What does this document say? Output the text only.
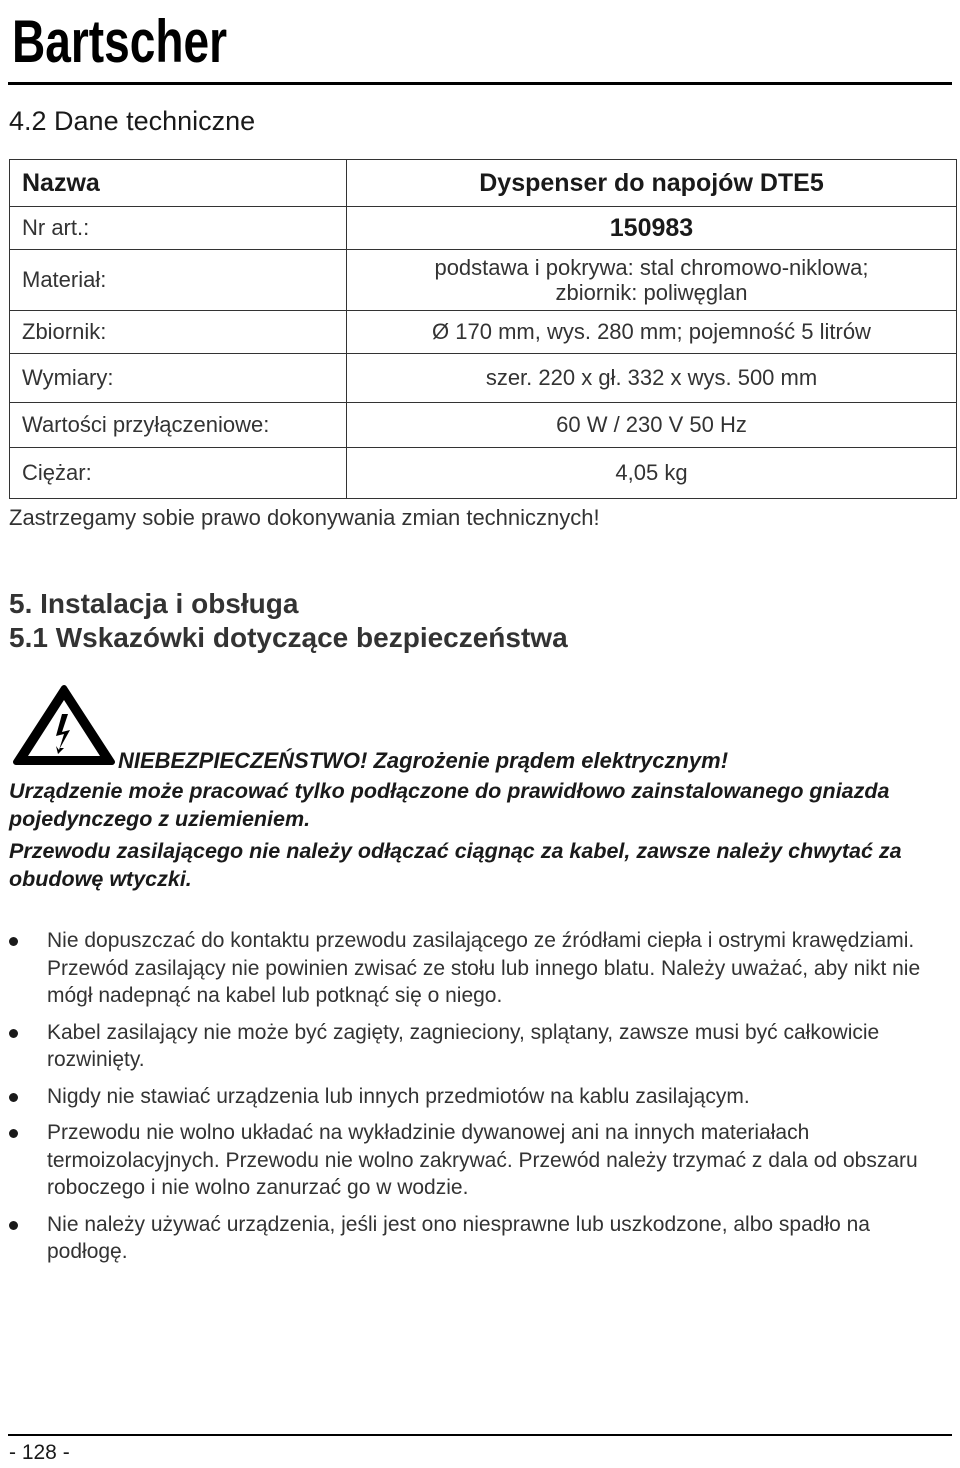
Bartscher
4.2 Dane techniczne
Nazwa	Dyspenser do napojów DTE5
Nr art.:	150983
Materiał:	podstawa i pokrywa: stal chromowo-niklowa;
zbiornik: poliwęglan

Zbiornik:	Ø 170 mm, wys. 280 mm; pojemność 5 litrów
Wymiary:	szer. 220 x gł. 332 x wys. 500 mm
Wartości przyłączeniowe:	60 W / 230 V 50 Hz
Ciężar:	4,05 kg
Zastrzegamy sobie prawo dokonywania zmian technicznych!
5. Instalacja i obsługa
5.1 Wskazówki dotyczące bezpieczeństwa
NIEBEZPIECZEŃSTWO! Zagrożenie prądem elektrycznym!
Urządzenie może pracować tylko podłączone do prawidłowo zainstalowanego gniazda pojedynczego z uziemieniem.
Przewodu zasilającego nie należy odłączać ciągnąc za kabel, zawsze należy chwytać za obudowę wtyczki.
Nie dopuszczać do kontaktu przewodu zasilającego ze źródłami ciepła i ostrymi krawędziami. Przewód zasilający nie powinien zwisać ze stołu lub innego blatu. Należy uważać, aby nikt nie mógł nadepnąć na kabel lub potknąć się o niego.
Kabel zasilający nie może być zagięty, zagnieciony, splątany, zawsze musi być całkowicie rozwinięty.
Nigdy nie stawiać urządzenia lub innych przedmiotów na kablu zasilającym.
Przewodu nie wolno układać na wykładzinie dywanowej ani na innych materiałach termoizolacyjnych. Przewodu nie wolno zakrywać. Przewód należy trzymać z dala od obszaru roboczego i nie wolno zanurzać go w wodzie.
Nie należy używać urządzenia, jeśli jest ono niesprawne lub uszkodzone, albo spadło na podłogę.
- 128 -
